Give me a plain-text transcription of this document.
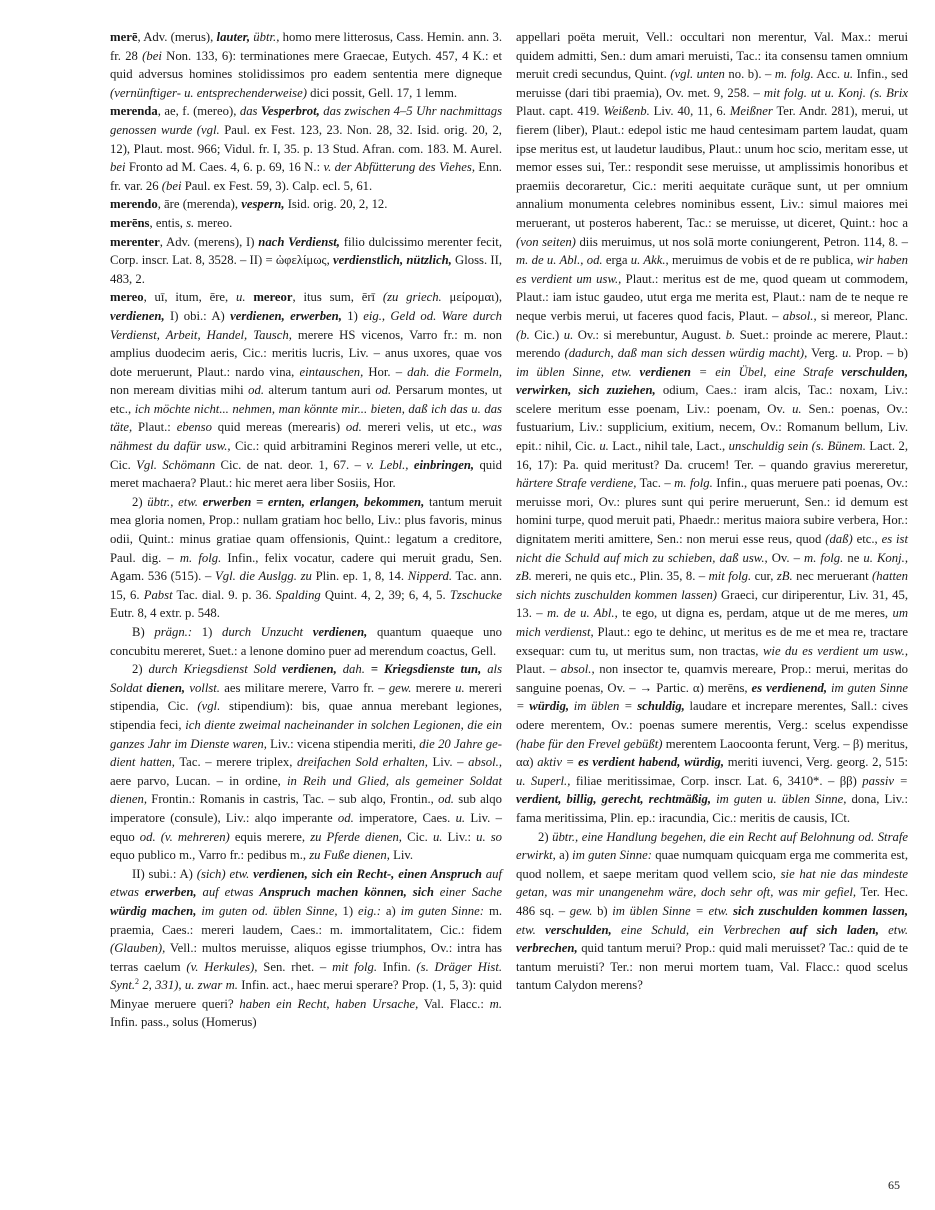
merē, Adv. (merus), lauter, übtr., homo mere litterosus, Cass. Hemin. ann. 3. fr. 28 (bei Non. 133, 6): terminationes mere Graecae, Eutych. 457, 4 K.: et quid adversus homines stolidissimos pro eadem sententia mere digneque (vernünftiger- u. entsprechenderweise) dici possit, Gell. 17, 1 lemm.

merenda, ae, f. (mereo), das Vesperbrot, das zwischen 4–5 Uhr nachmittags genossen wurde (vgl. Paul. ex Fest. 123, 23. Non. 28, 32. Isid. orig. 20, 2, 12), Plaut. most. 966; Vidul. fr. I, 35. p. 13 Stud. Afran. com. 183. M. Aurel. bei Fronto ad M. Caes. 4, 6. p. 69, 16 N.: v. der Abfütterung des Viehes, Enn. fr. var. 26 (bei Paul. ex Fest. 59, 3). Calp. ecl. 5, 61.

merendo, āre (merenda), vespern, Isid. orig. 20, 2, 12.

merēns, entis, s. mereo.

merenter, Adv. (merens), I) nach Verdienst, filio dulcissimo merenter fecit, Corp. inscr. Lat. 8, 3528. – II) = ὠφελίμως, verdienstlich, nützlich, Gloss. II, 483, 2.

mereo, uī, itum, ēre, u. mereor, itus sum, ērī (zu griech. μείρομαι), verdienen, I) obi.: A) verdienen, erwerben, 1) eig., Geld od. Ware durch Verdienst, Arbeit, Handel, Tausch, merere HS vicenos, Varro fr.: m. non amplius duodecim aeris, Cic.: meritis lucris, Liv. – anus uxores, quae vos dote meruerunt, Plaut.: nardo vina, eintauschen, Hor. – dah. die Formeln, non meream divitias mihi od. alterum tantum auri od. Persarum montes, ut etc., ich möchte nicht... nehmen, man könnte mir... bieten, daß ich das u. das täte, Plaut.: ebenso quid mereas (merearis) od. mereri velis, ut etc., was nähmest du dafür usw., Cic.: quid arbitramini Reginos mereri velle, ut etc., Cic. Vgl. Schömann Cic. de nat. deor. 1, 67. – v. Lebl., einbringen, quid meret machaera? Plaut.: hic meret aera liber Sosiis, Hor.

2) übtr., etw. erwerben = ernten, erlangen, bekommen, tantum meruit mea gloria nomen, Prop.: nullam gratiam hoc bello, Liv.: plus favoris, minus odii, Quint.: minus gratiae quam offensionis, Quint.: legatum a creditore, Paul. dig. – m. folg. Infin., felix vocatur, cadere qui meruit gradu, Sen. Agam. 536 (515). – Vgl. die Auslgg. zu Plin. ep. 1, 8, 14. Nipperd. Tac. ann. 15, 6. Pabst Tac. dial. 9. p. 36. Spalding Quint. 4, 2, 39; 6, 4, 5. Tzschucke Eutr. 8, 4 extr. p. 548.

B) prägn.: 1) durch Unzucht verdienen, quantum quaeque uno concubitu mereret, Suet.: a lenone domino puer ad merendum coactus, Gell.

2) durch Kriegsdienst Sold verdienen, dah. = Kriegsdienste tun, als Soldat dienen, vollst. aes militare merere, Varro fr. – gew. merere u. mereri stipendia, Cic. (vgl. stipendium): bis, quae annua merebant legiones, stipendia feci, ich diente zweimal nacheinander in solchen Legionen, die ein ganzes Jahr im Dienste waren, Liv.: vicena stipendia meriti, die 20 Jahre gedient hatten, Tac. – merere triplex, dreifachen Sold erhalten, Liv. – absol., aere parvo, Lucan. – in ordine, in Reih und Glied, als gemeiner Soldat dienen, Frontin.: Romanis in castris, Tac. – sub alqo, Frontin., od. sub alqo imperatore (consule), Liv.: alqo imperante od. imperatore, Caes. u. Liv. – equo od. (v. mehreren) equis merere, zu Pferde dienen, Cic. u. Liv.: u. so equo publico m., Varro fr.: pedibus m., zu Fuße dienen, Liv.

II) subi.: A) (sich) etw. verdienen, sich ein Recht-, einen Anspruch auf etwas erwerben, auf etwas Anspruch machen können, sich einer Sache würdig machen, im guten od. üblen Sinne, 1) eig.: a) im guten Sinne: m. praemia, Caes.: mereri laudem, Caes.: m. immortalitatem, Cic.: fidem (Glauben), Vell.: multos meruisse, aliquos egisse triumphos, Ov.: intra has terras caelum (v. Herkules), Sen. rhet. – mit folg. Infin. (s. Dräger Hist. Synt.$^2$ 2, 331), u. zwar m. Infin. act., haec merui sperare? Prop. (1, 5, 3): quid Minyae meruere queri? haben ein Recht, haben Ursache, Val. Flacc.: m. Infin. pass., solus (Homerus)

appellari poëta meruit, Vell.: occultari non merentur, Val. Max.: merui quidem admitti, Sen.: dum amari meruisti, Tac.: ita consensu tamen omnium meruit credi secundus, Quint. (vgl. unten no. b). – m. folg. Acc. u. Infin., sed meruisse (dari tibi praemia), Ov. met. 9, 258. – mit folg. ut u. Konj. (s. Brix Plaut. capt. 419. Weißenb. Liv. 40, 11, 6. Meißner Ter. Andr. 281), merui, ut fierem (liber), Plaut.: edepol istic me haud centesimam partem laudat, quam ipse meritus est, ut laudetur laudibus, Plaut.: unum hoc scio, meritam esse, ut memor esses sui, Ter.: respondit sese meruisse, ut amplissimis honoribus et praemiis decoraretur, Cic.: meriti aequitate curāque sunt, ut per omnium annalium monumenta celebres nominibus essent, Liv.: simul maiores mei meruerant, ut posteros haberent, Tac.: se meruisse, ut diceret, Quint.: hoc a (von seiten) diis meruimus, ut nos solā morte coniungerent, Petron. 114, 8. – m. de u. Abl., od. erga u. Akk., meruimus de vobis et de re publica, wir haben es verdient um usw., Plaut.: meritus est de me, quod queam ut commodem, Plaut.: iam istuc gaudeo, utut erga me merita est, Plaut.: nam de te neque re neque verbis merui, ut faceres quod facis, Plaut. – absol., si mereor, Planc. (b. Cic.) u. Ov.: si merebuntur, August. b. Suet.: proinde ac merere, Plaut.: merendo (dadurch, daß man sich dessen würdig macht), Verg. u. Prop. – b) im üblen Sinne, etw. verdienen = ein Übel, eine Strafe verschulden, verwirken, sich zuziehen, odium, Caes.: iram alcis, Tac.: noxam, Liv.: scelere meritum esse poenam, Liv.: poenam, Ov. u. Sen.: poenas, Ov.: fustuarium, Liv.: supplicium, exitium, necem, Ov.: Romanum bellum, Liv. epit.: nihil, Cic. u. Lact., nihil tale, Lact., unschuldig sein (s. Bünem. Lact. 2, 16, 17): Pa. quid meritust? Da. crucem! Ter. – quando gravius mereretur, härtere Strafe verdiene, Tac. – m. folg. Infin., quas meruere pati poenas, Ov.: meruisse mori, Ov.: plures sunt qui perire meruerunt, Sen.: id demum est homini turpe, quod meruit pati, Phaedr.: meritus maiora subire verbera, Hor.: dignitatem meriti amittere, Sen.: non merui esse reus, quod (daß) etc., es ist nicht die Schuld auf mich zu schieben, daß usw., Ov. – m. folg. ne u. Konj., zB. mereri, ne quis etc., Plin. 35, 8. – mit folg. cur, zB. nec meruerant (hatten sich nichts zuschulden kommen lassen) Graeci, cur diriperentur, Liv. 31, 45, 13. – m. de u. Abl., te ego, ut digna es, perdam, atque ut de me meres, um mich verdienst, Plaut.: ego te dehinc, ut meritus es de me et mea re, tractare exsequar: cum tu, ut meritus sum, non tractas, wie du es verdient um usw., Plaut. – absol., non insector te, quamvis mereare, Prop.: merui, meritas do sanguine poenas, Ov. – → Partic. α) merēns, es verdienend, im guten Sinne = würdig, im üblen = schuldig, laudare et increpare merentes, Sall.: cives odere merentem, Ov.: poenas sumere merentis, Verg.: scelus expendisse (habe für den Frevel gebüßt) merentem Laocoonta ferunt, Verg. – β) meritus, αα) aktiv = es verdient habend, würdig, meriti iuvenci, Verg. georg. 2, 515: u. Superl., filiae meritissimae, Corp. inscr. Lat. 6, 3410*. – ββ) passiv = verdient, billig, gerecht, rechtmäßig, im guten u. üblen Sinne, dona, Liv.: fama meritissima, Plin. ep.: iracundia, Cic.: meritis de causis, ICt.

2) übtr., eine Handlung begehen, die ein Recht auf Belohnung od. Strafe erwirkt, a) im guten Sinne: quae numquam quicquam erga me commerita est, quod nollem, et saepe meritam quod vellem scio, sie hat nie das mindeste getan, was mir unangenehm wäre, doch sehr oft, was mir gefiel, Ter. Hec. 486 sq. – gew. b) im üblen Sinne = etw. sich zuschulden kommen lassen, etw. verschulden, eine Schuld, ein Verbrechen auf sich laden, etw. verbrechen, quid tantum merui? Prop.: quid mali meruisset? Tac.: quid de te tantum meruisti? Ter.: non merui mortem tuam, Val. Flacc.: quod scelus tantum Calydon merens?

65
